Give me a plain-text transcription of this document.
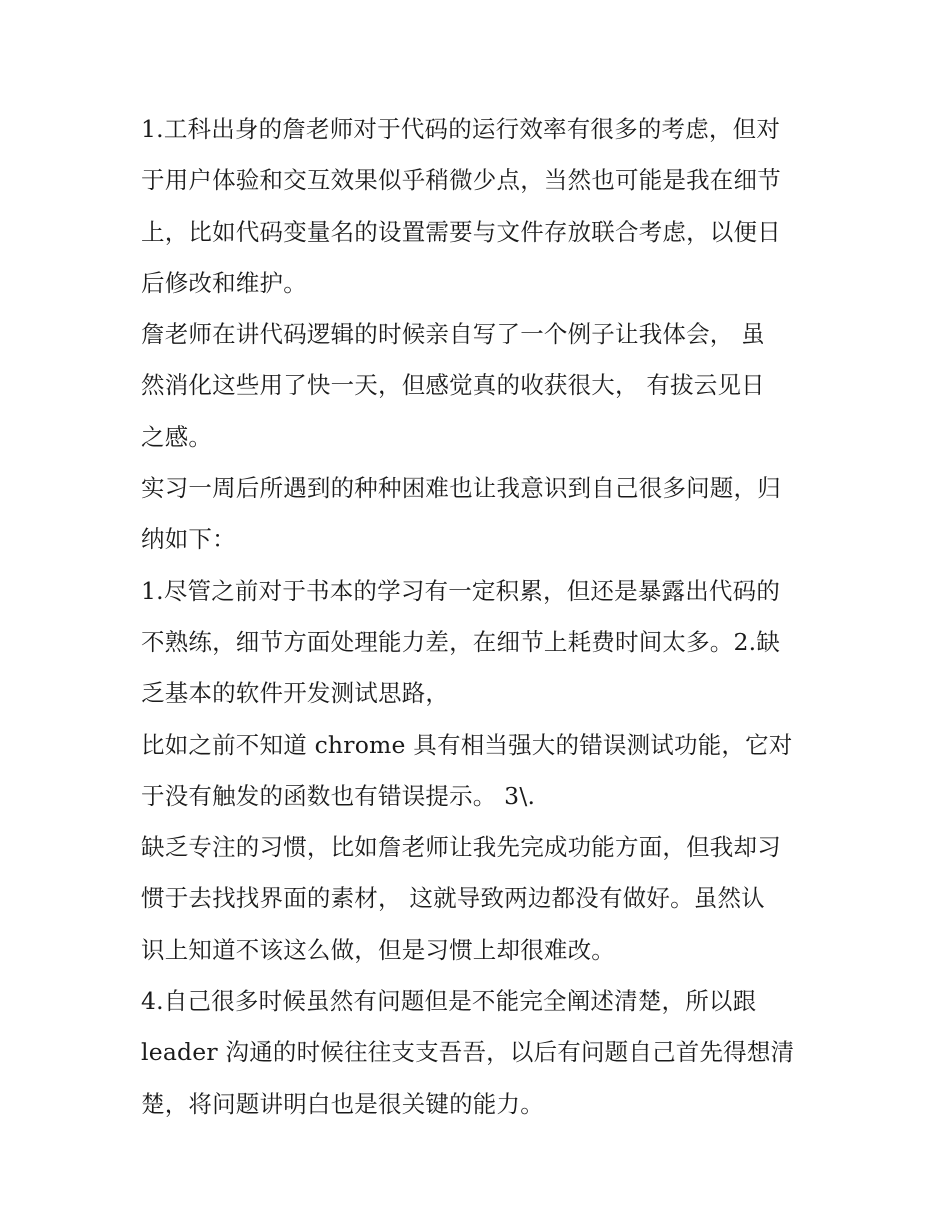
1.工科出身的詹老师对于代码的运行效率有很多的考虑，但对
于用户体验和交互效果似乎稍微少点，当然也可能是我在细节
上，比如代码变量名的设置需要与文件存放联合考虑，以便日
后修改和维护。
詹老师在讲代码逻辑的时候亲自写了一个例子让我体会， 虽
然消化这些用了快一天，但感觉真的收获很大， 有拔云见日
之感。
实习一周后所遇到的种种困难也让我意识到自己很多问题，归
纳如下：
1.尽管之前对于书本的学习有一定积累，但还是暴露出代码的
不熟练，细节方面处理能力差，在细节上耗费时间太多。2.缺
乏基本的软件开发测试思路，
比如之前不知道 chrome 具有相当强大的错误测试功能，它对
于没有触发的函数也有错误提示。 3\.
缺乏专注的习惯，比如詹老师让我先完成功能方面，但我却习
惯于去找找界面的素材， 这就导致两边都没有做好。虽然认
识上知道不该这么做，但是习惯上却很难改。
4.自己很多时候虽然有问题但是不能完全阐述清楚，所以跟
leader 沟通的时候往往支支吾吾，以后有问题自己首先得想清
楚，将问题讲明白也是很关键的能力。
